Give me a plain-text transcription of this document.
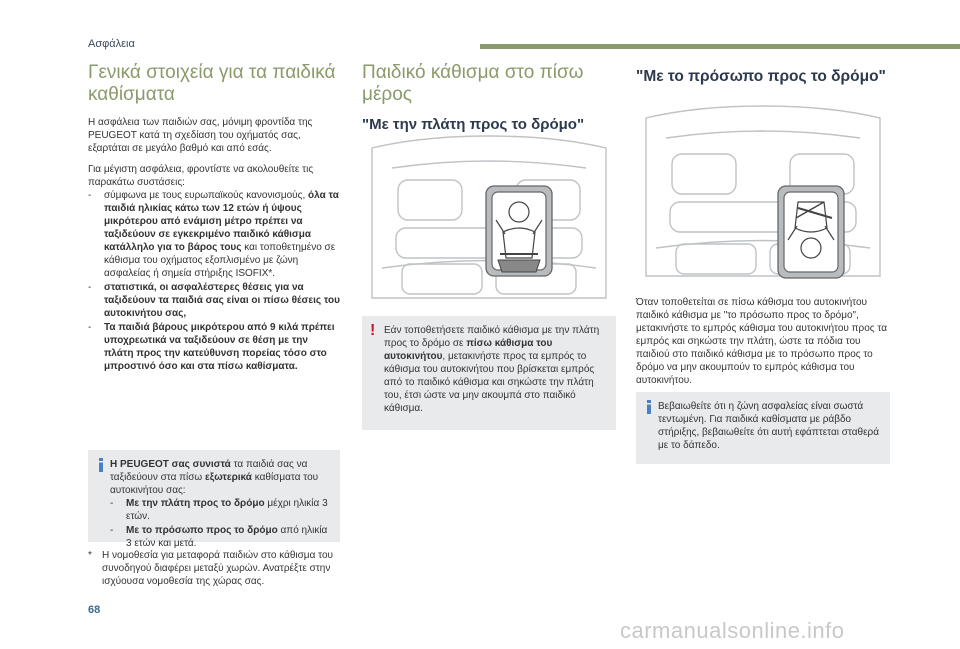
Ασφάλεια
Γενικά στοιχεία για τα παιδικά καθίσματα

Η ασφάλεια των παιδιών σας, μόνιμη φροντίδα της PEUGEOT κατά τη σχεδίαση του οχήματός σας, εξαρτάται σε μεγάλο βαθμό και από εσάς.

Για μέγιστη ασφάλεια, φροντίστε να ακολουθείτε τις παρακάτω συστάσεις:

- σύμφωνα με τους ευρωπαϊκούς κανονισμούς, όλα τα παιδιά ηλικίας κάτω των 12 ετών ή ύψους μικρότερου από ενάμιση μέτρο πρέπει να ταξιδεύουν σε εγκεκριμένο παιδικό κάθισμα κατάλληλο για το βάρος τους και τοποθετημένο σε κάθισμα του οχήματος εξοπλισμένο με ζώνη ασφαλείας ή σημεία στήριξης ISOFIX*.
- στατιστικά, οι ασφαλέστερες θέσεις για να ταξιδεύουν τα παιδιά σας είναι οι πίσω θέσεις του αυτοκινήτου σας,
- Τα παιδιά βάρους μικρότερου από 9 κιλά πρέπει υποχρεωτικά να ταξιδεύουν σε θέση με την πλάτη προς την κατεύθυνση πορείας τόσο στο μπροστινό όσο και στα πίσω καθίσματα.

Η PEUGEOT σας συνιστά τα παιδιά σας να ταξιδεύουν στα πίσω εξωτερικά καθίσματα του αυτοκινήτου σας:

- Με την πλάτη προς το δρόμο μέχρι ηλικία 3 ετών.
- Με το πρόσωπο προς το δρόμο από ηλικία 3 ετών και μετά.
*	Η νομοθεσία για μεταφορά παιδιών στο κάθισμα του συνοδηγού διαφέρει μεταξύ χωρών. Ανατρέξτε στην ισχύουσα νομοθεσία της χώρας σας.
Παιδικό κάθισμα στο πίσω μέρος
"Με την πλάτη προς το δρόμο"
! Εάν τοποθετήσετε παιδικό κάθισμα με την πλάτη προς το δρόμο σε πίσω κάθισμα του αυτοκινήτου, μετακινήστε προς τα εμπρός το κάθισμα του αυτοκινήτου που βρίσκεται εμπρός από το παιδικό κάθισμα και σηκώστε την πλάτη του, έτσι ώστε να μην ακουμπά στο παιδικό κάθισμα.

"Με το πρόσωπο προς το δρόμο"

Όταν τοποθετείται σε πίσω κάθισμα του αυτοκινήτου παιδικό κάθισμα με "το πρόσωπο προς το δρόμο", μετακινήστε το εμπρός κάθισμα του αυτοκινήτου προς τα εμπρός και σηκώστε την πλάτη, ώστε τα πόδια του παιδιού στο παιδικό κάθισμα με το πρόσωπο προς το δρόμο να μην ακουμπούν το εμπρός κάθισμα του αυτοκινήτου.

Βεβαιωθείτε ότι η ζώνη ασφαλείας είναι σωστά τεντωμένη. Για παιδικά καθίσματα με ράβδο στήριξης, βεβαιωθείτε ότι αυτή εφάπτεται σταθερά με το δάπεδο.

68
carmanualsonline.info
